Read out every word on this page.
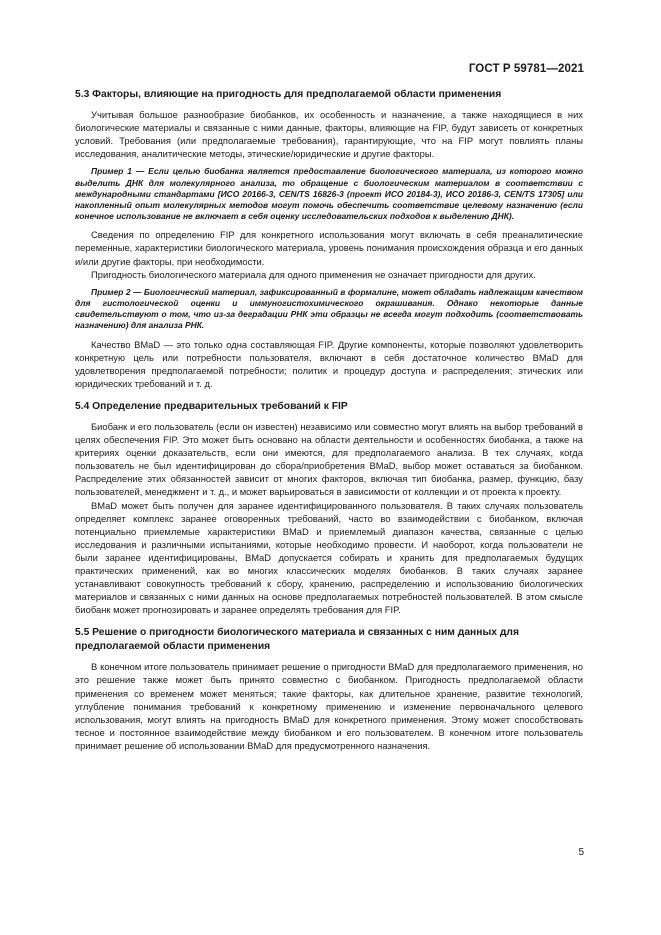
ГОСТ Р 59781—2021
5.3 Факторы, влияющие на пригодность для предполагаемой области применения

Учитывая большое разнообразие биобанков, их особенность и назначение, а также находящиеся в них биологические материалы и связанные с ними данные, факторы, влияющие на FIP, будут зависеть от конкретных условий. Требования (или предполагаемые требования), гарантирующие, что на FIP могут повлиять планы исследования, аналитические методы, этические/юридические и другие факторы.

Пример 1 — Если целью биобанка является предоставление биологического материала, из которого можно выделить ДНК для молекулярного анализа, то обращение с биологическим материалом в соответствии с международными стандартами [ИСО 20166-3, CEN/TS 16826-3 (проект ИСО 20184-3), ИСО 20186-3, CEN/TS 17305] или накопленный опыт молекулярных методов могут помочь обеспечить соответствие целевому назначению (если конечное использование не включает в себя оценку исследовательских подходов к выделению ДНК).

Сведения по определению FIP для конкретного использования могут включать в себя преаналитические переменные, характеристики биологического материала, уровень понимания происхождения образца и его данных и/или другие факторы, при необходимости.

Пригодность биологического материала для одного применения не означает пригодности для других.

Пример 2 — Биологический материал, зафиксированный в формалине, может обладать надлежащим качеством для гистологической оценки и иммуногистохимического окрашивания. Однако некоторые данные свидетельствуют о том, что из-за деградации РНК эти образцы не всегда могут подходить (соответствовать назначению) для анализа РНК.

Качество BMaD — это только одна составляющая FIP. Другие компоненты, которые позволяют удовлетворить конкретную цель или потребности пользователя, включают в себя достаточное количество BMaD для удовлетворения предполагаемой потребности; политик и процедур доступа и распределения; этических или юридических требований и т. д.

5.4 Определение предварительных требований к FIP

Биобанк и его пользователь (если он известен) независимо или совместно могут влиять на выбор требований в целях обеспечения FIP. Это может быть основано на области деятельности и особенностях биобанка, а также на критериях оценки доказательств, если они имеются, для предполагаемого анализа. В тех случаях, когда пользователь не был идентифицирован до сбора/приобретения BMaD, выбор может оставаться за биобанком. Распределение этих обязанностей зависит от многих факторов, включая тип биобанка, размер, функцию, базу пользователей, менеджмент и т. д., и может варьироваться в зависимости от коллекции и от проекта к проекту.

BMaD может быть получен для заранее идентифицированного пользователя. В таких случаях пользователь определяет комплекс заранее оговоренных требований, часто во взаимодействии с биобанком, включая потенциально приемлемые характеристики BMaD и приемлемый диапазон качества, связанные с целью исследования и различными испытаниями, которые необходимо провести. И наоборот, когда пользователи не были заранее идентифицированы, BMaD допускается собирать и хранить для предполагаемых будущих практических применений, как во многих классических моделях биобанков. В таких случаях заранее устанавливают совокупность требований к сбору, хранению, распределению и использованию биологических материалов и связанных с ними данных на основе предполагаемых потребностей пользователей. В этом смысле биобанк может прогнозировать и заранее определять требования для FIP.

5.5 Решение о пригодности биологического материала и связанных с ним данных для предполагаемой области применения

В конечном итоге пользователь принимает решение о пригодности BMaD для предполагаемого применения, но это решение также может быть принято совместно с биобанком. Пригодность предполагаемой области применения со временем может меняться; такие факторы, как длительное хранение, развитие технологий, углубление понимания требований к конкретному применению и изменение первоначального целевого использования, могут влиять на пригодность BMaD для конкретного применения. Этому может способствовать тесное и постоянное взаимодействие между биобанком и его пользователем. В конечном итоге пользователь принимает решение об использовании BMaD для предусмотренного назначения.

5
